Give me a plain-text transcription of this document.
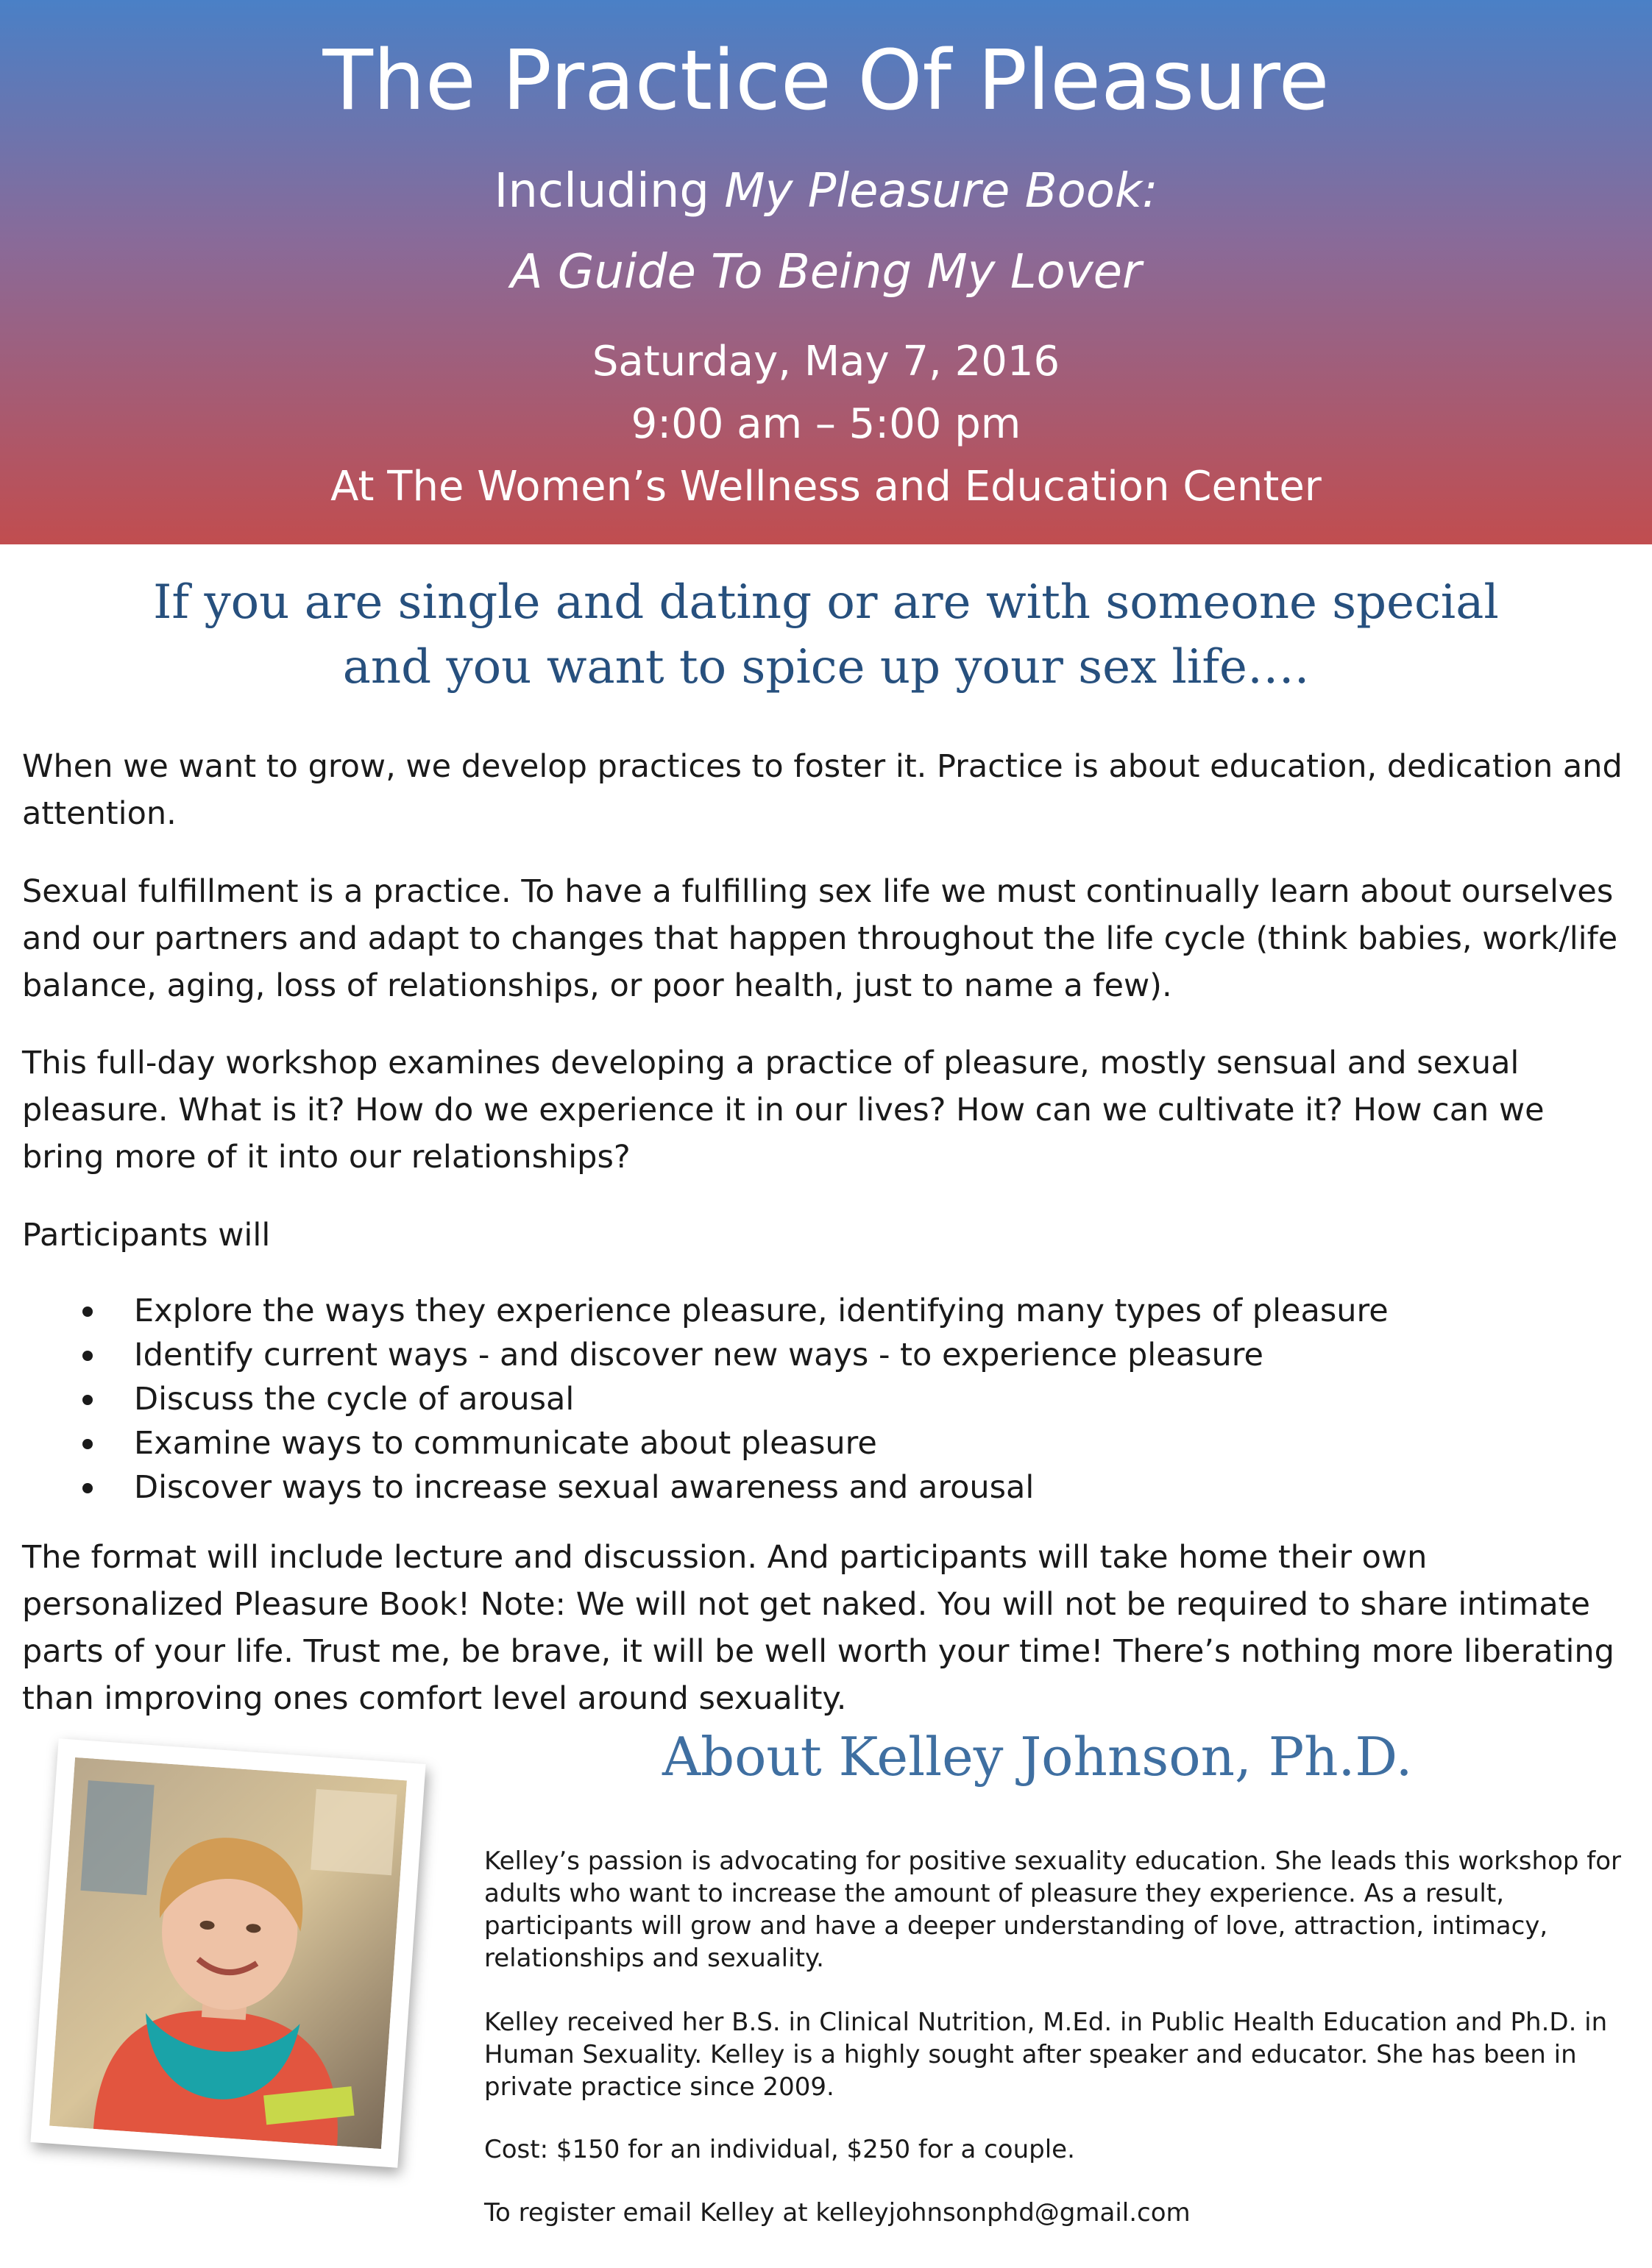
The Practice Of Pleasure
Including My Pleasure Book:
A Guide To Being My Lover
Saturday, May 7, 2016
9:00 am – 5:00 pm
At The Women’s Wellness and Education Center
If you are single and dating or are with someone special
and you want to spice up your sex life….
When we want to grow, we develop practices to foster it. Practice is about education, dedication and attention.
Sexual fulfillment is a practice. To have a fulfilling sex life we must continually learn about ourselves and our partners and adapt to changes that happen throughout the life cycle (think babies, work/life balance, aging, loss of relationships, or poor health, just to name a few).
This full-day workshop examines developing a practice of pleasure, mostly sensual and sexual pleasure. What is it? How do we experience it in our lives? How can we cultivate it? How can we bring more of it into our relationships?
Participants will
Explore the ways they experience pleasure, identifying many types of pleasure
Identify current ways - and discover new ways - to experience pleasure
Discuss the cycle of arousal
Examine ways to communicate about pleasure
Discover ways to increase sexual awareness and arousal
The format will include lecture and discussion. And participants will take home their own personalized Pleasure Book! Note: We will not get naked. You will not be required to share intimate parts of your life. Trust me, be brave, it will be well worth your time! There’s nothing more liberating than improving ones comfort level around sexuality.
About Kelley Johnson, Ph.D.
Kelley’s passion is advocating for positive sexuality education. She leads this workshop for adults who want to increase the amount of pleasure they experience. As a result, participants will grow and have a deeper understanding of love, attraction, intimacy, relationships and sexuality.
Kelley received her B.S. in Clinical Nutrition, M.Ed. in Public Health Education and Ph.D. in Human Sexuality. Kelley is a highly sought after speaker and educator. She has been in private practice since 2009.
Cost: $150 for an individual, $250 for a couple.
To register email Kelley at kelleyjohnsonphd@gmail.com
